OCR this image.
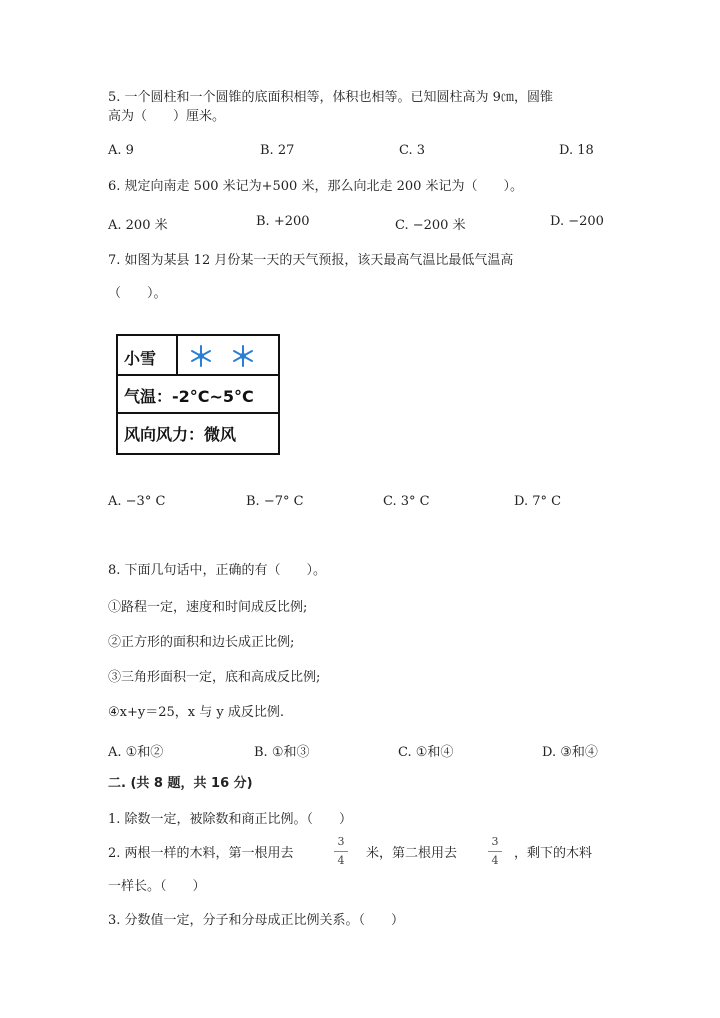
5. 一个圆柱和一个圆锥的底面积相等，体积也相等。已知圆柱高为 9㎝，圆锥
高为（　　）厘米。
A. 9	B. 27	C. 3	D. 18
6. 规定向南走 500 米记为+500 米，那么向北走 200 米记为（　　）。
A. 200 米	B. +200	C. −200 米	D. −200
7. 如图为某县 12 月份某一天的天气预报，该天最高气温比最低气温高
（　　）。
小雪
气温：-2°C~5°C
风向风力：微风
A. −3° C	B. −7° C	C. 3° C	D. 7° C
8. 下面几句话中，正确的有（　　）。
①路程一定，速度和时间成反比例;
②正方形的面积和边长成正比例;
③三角形面积一定，底和高成反比例;
④x+y＝25，x 与 y 成反比例.
A. ①和②	B. ①和③	C. ①和④	D. ③和④
二. (共 8 题，共 16 分)
1. 除数一定，被除数和商正比例。（　　）
2. 两根一样的木料，第一根用去
3
4 米，第二根用去
3
4 ，剩下的木料
一样长。（　　）
3. 分数值一定，分子和分母成正比例关系。（　　）
